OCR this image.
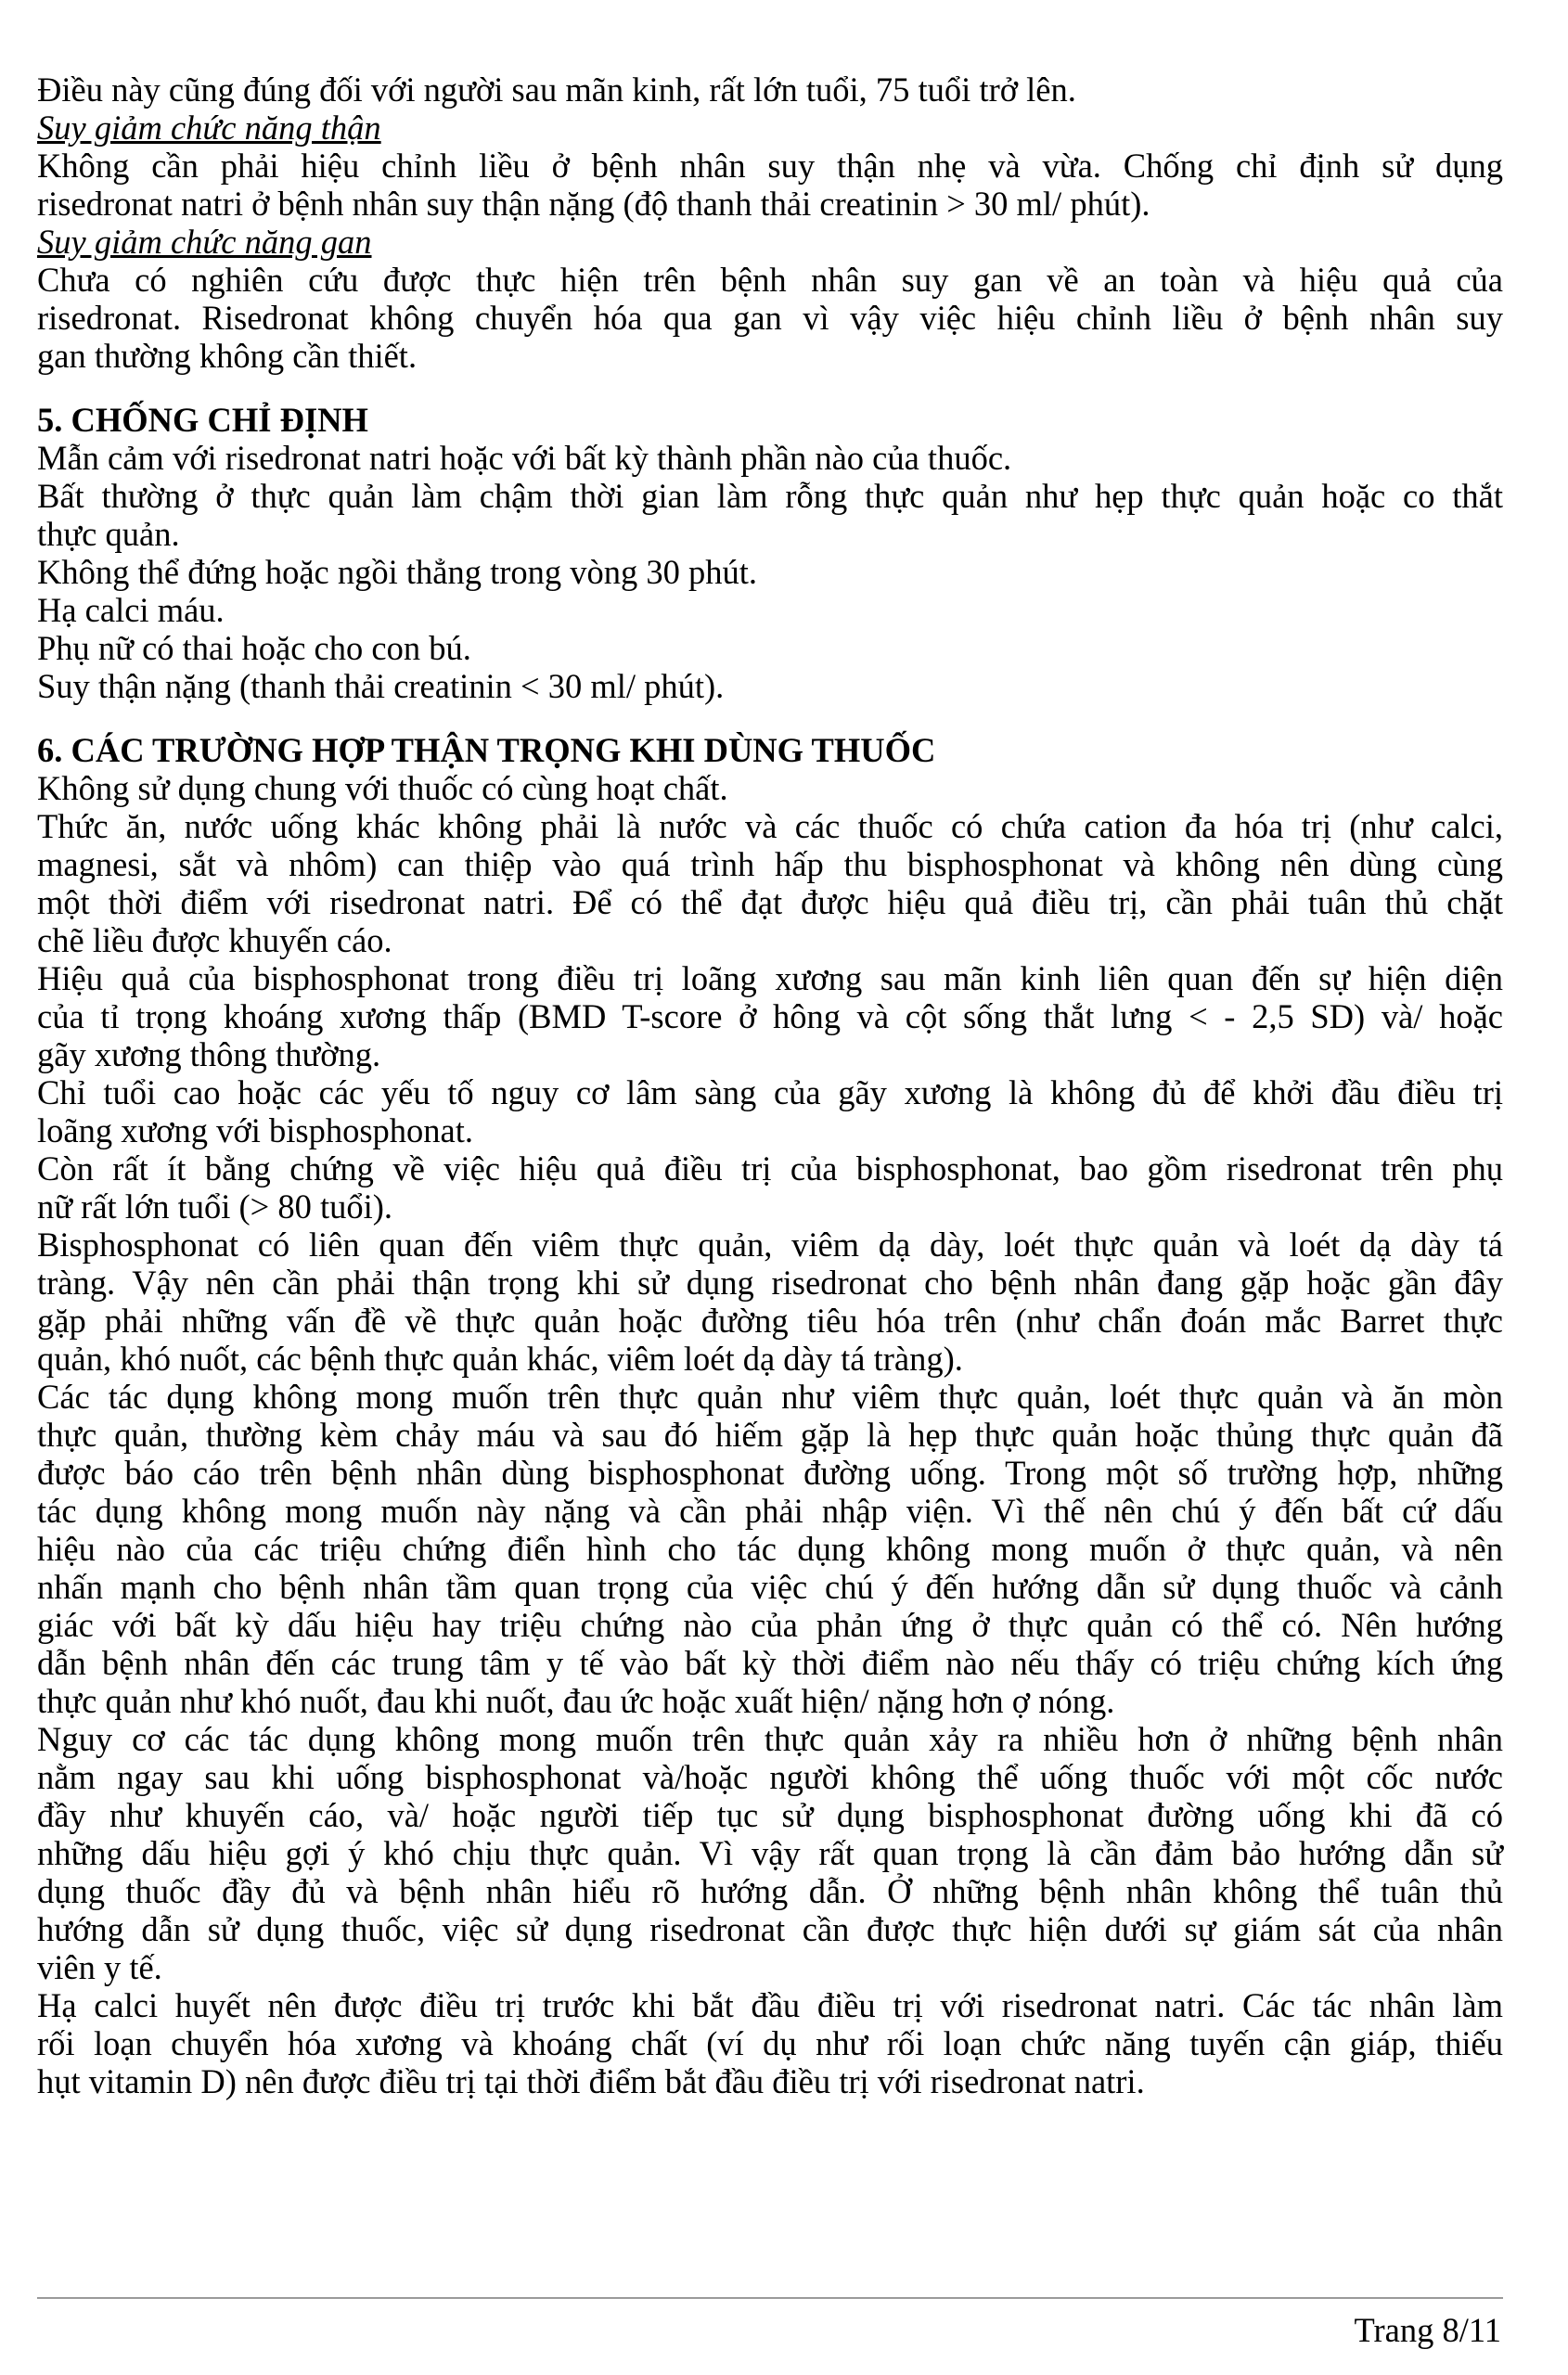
Điều này cũng đúng đối với người sau mãn kinh, rất lớn tuổi, 75 tuổi trở lên.

Suy giảm chức năng thận

Không cần phải hiệu chỉnh liều ở bệnh nhân suy thận nhẹ và vừa. Chống chỉ định sử dụng

risedronat natri ở bệnh nhân suy thận nặng (độ thanh thải creatinin > 30 ml/ phút).

Suy giảm chức năng gan

Chưa có nghiên cứu được thực hiện trên bệnh nhân suy gan về an toàn và hiệu quả của

risedronat. Risedronat không chuyển hóa qua gan vì vậy việc hiệu chỉnh liều ở bệnh nhân suy

gan thường không cần thiết.

5. CHỐNG CHỈ ĐỊNH

Mẫn cảm với risedronat natri hoặc với bất kỳ thành phần nào của thuốc.

Bất thường ở thực quản làm chậm thời gian làm rỗng thực quản như hẹp thực quản hoặc co thắt

thực quản.

Không thể đứng hoặc ngồi thẳng trong vòng 30 phút.

Hạ calci máu.

Phụ nữ có thai hoặc cho con bú.

Suy thận nặng (thanh thải creatinin < 30 ml/ phút).

6. CÁC TRƯỜNG HỢP THẬN TRỌNG KHI DÙNG THUỐC

Không sử dụng chung với thuốc có cùng hoạt chất.

Thức ăn, nước uống khác không phải là nước và các thuốc có chứa cation đa hóa trị (như calci,

magnesi, sắt và nhôm) can thiệp vào quá trình hấp thu bisphosphonat và không nên dùng cùng

một thời điểm với risedronat natri. Để có thể đạt được hiệu quả điều trị, cần phải tuân thủ chặt

chẽ liều được khuyến cáo.

Hiệu quả của bisphosphonat trong điều trị loãng xương sau mãn kinh liên quan đến sự hiện diện

của tỉ trọng khoáng xương thấp (BMD T-score ở hông và cột sống thắt lưng < - 2,5 SD) và/ hoặc

gãy xương thông thường.

Chỉ tuổi cao hoặc các yếu tố nguy cơ lâm sàng của gãy xương là không đủ để khởi đầu điều trị

loãng xương với bisphosphonat.

Còn rất ít bằng chứng về việc hiệu quả điều trị của bisphosphonat, bao gồm risedronat trên phụ

nữ rất lớn tuổi (> 80 tuổi).

Bisphosphonat có liên quan đến viêm thực quản, viêm dạ dày, loét thực quản và loét dạ dày tá

tràng. Vậy nên cần phải thận trọng khi sử dụng risedronat cho bệnh nhân đang gặp hoặc gần đây

gặp phải những vấn đề về thực quản hoặc đường tiêu hóa trên (như chẩn đoán mắc Barret thực

quản, khó nuốt, các bệnh thực quản khác, viêm loét dạ dày tá tràng).

Các tác dụng không mong muốn trên thực quản như viêm thực quản, loét thực quản và ăn mòn

thực quản, thường kèm chảy máu và sau đó hiếm gặp là hẹp thực quản hoặc thủng thực quản đã

được báo cáo trên bệnh nhân dùng bisphosphonat đường uống. Trong một số trường hợp, những

tác dụng không mong muốn này nặng và cần phải nhập viện. Vì thế nên chú ý đến bất cứ dấu

hiệu nào của các triệu chứng điển hình cho tác dụng không mong muốn ở thực quản, và nên

nhấn mạnh cho bệnh nhân tầm quan trọng của việc chú ý đến hướng dẫn sử dụng thuốc và cảnh

giác với bất kỳ dấu hiệu hay triệu chứng nào của phản ứng ở thực quản có thể có. Nên hướng

dẫn bệnh nhân đến các trung tâm y tế vào bất kỳ thời điểm nào nếu thấy có triệu chứng kích ứng

thực quản như khó nuốt, đau khi nuốt, đau ức hoặc xuất hiện/ nặng hơn ợ nóng.

Nguy cơ các tác dụng không mong muốn trên thực quản xảy ra nhiều hơn ở những bệnh nhân

nằm ngay sau khi uống bisphosphonat và/hoặc người không thể uống thuốc với một cốc nước

đầy như khuyến cáo, và/ hoặc người tiếp tục sử dụng bisphosphonat đường uống khi đã có

những dấu hiệu gợi ý khó chịu thực quản. Vì vậy rất quan trọng là cần đảm bảo hướng dẫn sử

dụng thuốc đầy đủ và bệnh nhân hiểu rõ hướng dẫn. Ở những bệnh nhân không thể tuân thủ

hướng dẫn sử dụng thuốc, việc sử dụng risedronat cần được thực hiện dưới sự giám sát của nhân

viên y tế.

Hạ calci huyết nên được điều trị trước khi bắt đầu điều trị với risedronat natri. Các tác nhân làm

rối loạn chuyển hóa xương và khoáng chất (ví dụ như rối loạn chức năng tuyến cận giáp, thiếu

hụt vitamin D) nên được điều trị tại thời điểm bắt đầu điều trị với risedronat natri.

Trang 8/11
